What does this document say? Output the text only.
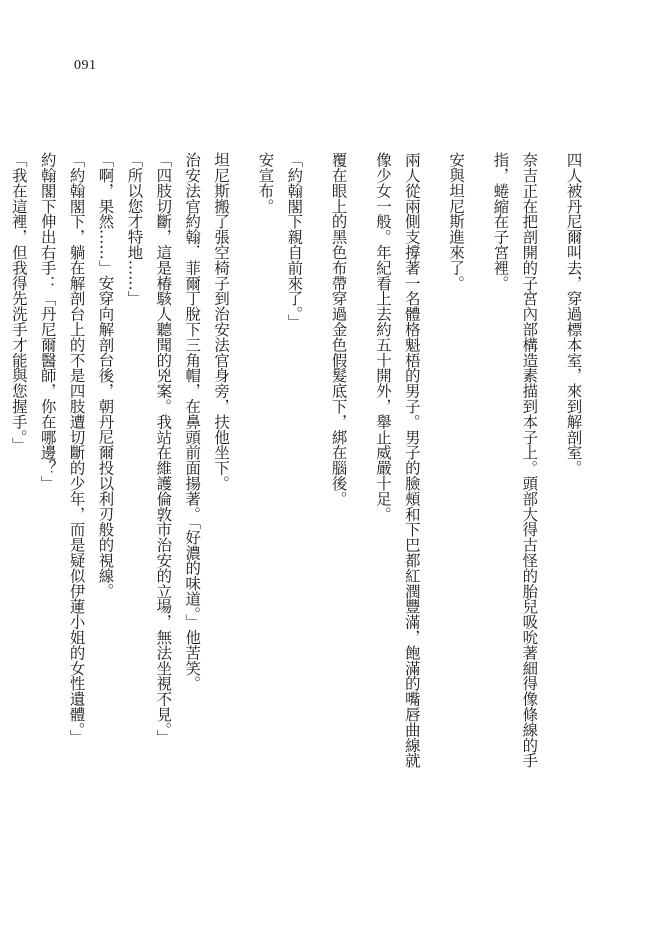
091
四人被丹尼爾叫去，穿過標本室，來到解剖室。
奈吉正在把剖開的子宮內部構造素描到本子上。頭部大得古怪的胎兒吸吮著細得像條線的手
指，蜷縮在子宮裡。
安與坦尼斯進來了。
兩人從兩側支撐著一名體格魁梧的男子。男子的臉頰和下巴都紅潤豐滿，飽滿的嘴唇曲線就
像少女一般。年紀看上去約五十開外，舉止威嚴十足。
覆在眼上的黑色布帶穿過金色假髮底下，綁在腦後。
「約翰閣下親自前來了。」
安宣布。
坦尼斯搬了張空椅子到治安法官身旁，扶他坐下。
治安法官約翰．菲爾丁脫下三角帽，在鼻頭前面揚著。「好濃的味道。」他苦笑。
「四肢切斷，這是椿駭人聽聞的兇案。我站在維護倫敦市治安的立場，無法坐視不見。」
「所以您才特地……」
「啊，果然……」安穿向解剖台後，朝丹尼爾投以利刃般的視線。
「約翰閣下，躺在解剖台上的不是四肢遭切斷的少年，而是疑似伊蓮小姐的女性遺體。」
約翰閣下伸出右手：「丹尼爾醫師，你在哪邊？」
「我在這裡，但我得先洗手才能與您握手。」
